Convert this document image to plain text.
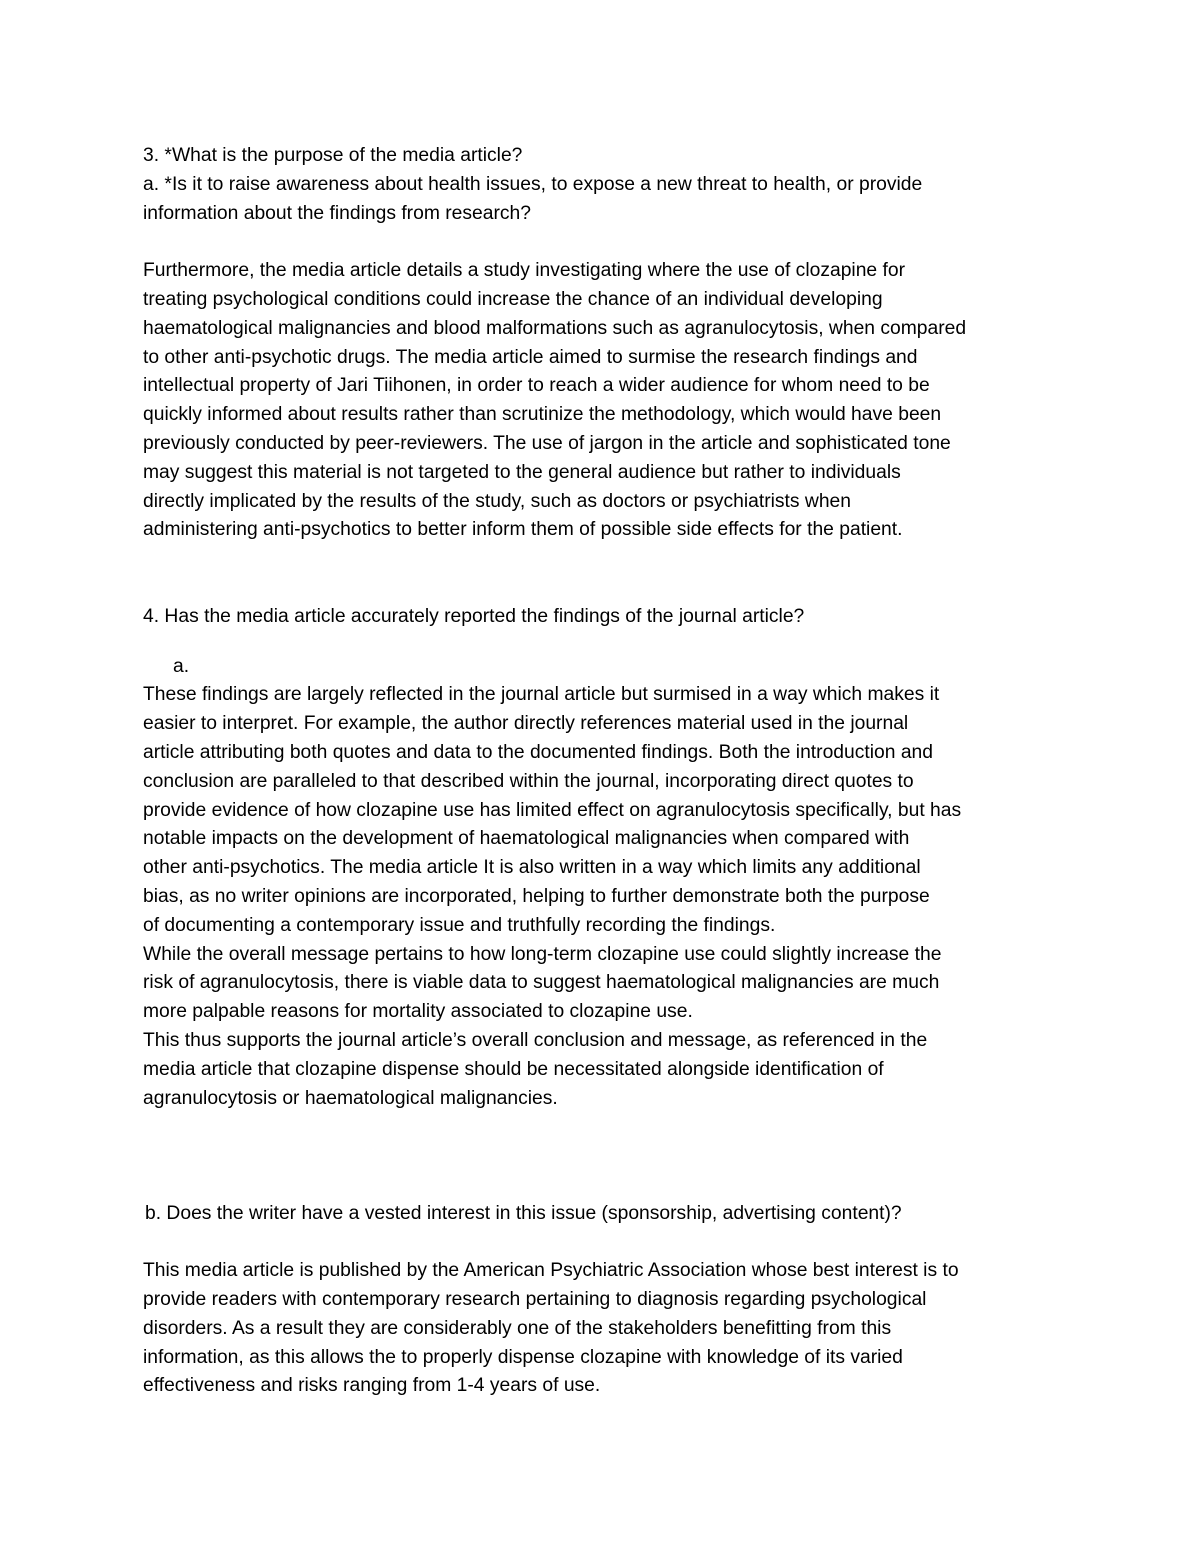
3. *What is the purpose of the media article?
a. *Is it to raise awareness about health issues, to expose a new threat to health, or provide
information about the findings from research?
Furthermore, the media article details a study investigating where the use of clozapine for
treating psychological conditions could increase the chance of an individual developing
haematological malignancies and blood malformations such as agranulocytosis, when compared
to other anti-psychotic drugs. The media article aimed to surmise the research findings and
intellectual property of Jari Tiihonen, in order to reach a wider audience for whom need to be
quickly informed about results rather than scrutinize the methodology, which would have been
previously conducted by peer-reviewers. The use of jargon in the article and sophisticated tone
may suggest this material is not targeted to the general audience but rather to individuals
directly implicated by the results of the study, such as doctors or psychiatrists when
administering anti-psychotics to better inform them of possible side effects for the patient.
4. Has the media article accurately reported the findings of the journal article?
a.
These findings are largely reflected in the journal article but surmised in a way which makes it
easier to interpret. For example, the author directly references material used in the journal
article attributing both quotes and data to the documented findings. Both the introduction and
conclusion are paralleled to that described within the journal, incorporating direct quotes to
provide evidence of how clozapine use has limited effect on agranulocytosis specifically, but has
notable impacts on the development of haematological malignancies when compared with
other anti-psychotics. The media article It is also written in a way which limits any additional
bias, as no writer opinions are incorporated, helping to further demonstrate both the purpose
of documenting a contemporary issue and truthfully recording the findings.
While the overall message pertains to how long-term clozapine use could slightly increase the
risk of agranulocytosis, there is viable data to suggest haematological malignancies are much
more palpable reasons for mortality associated to clozapine use.
This thus supports the journal article’s overall conclusion and message, as referenced in the
media article that clozapine dispense should be necessitated alongside identification of
agranulocytosis or haematological malignancies.
b. Does the writer have a vested interest in this issue (sponsorship, advertising content)?
This media article is published by the American Psychiatric Association whose best interest is to
provide readers with contemporary research pertaining to diagnosis regarding psychological
disorders. As a result they are considerably one of the stakeholders benefitting from this
information, as this allows the to properly dispense clozapine with knowledge of its varied
effectiveness and risks ranging from 1-4 years of use.
